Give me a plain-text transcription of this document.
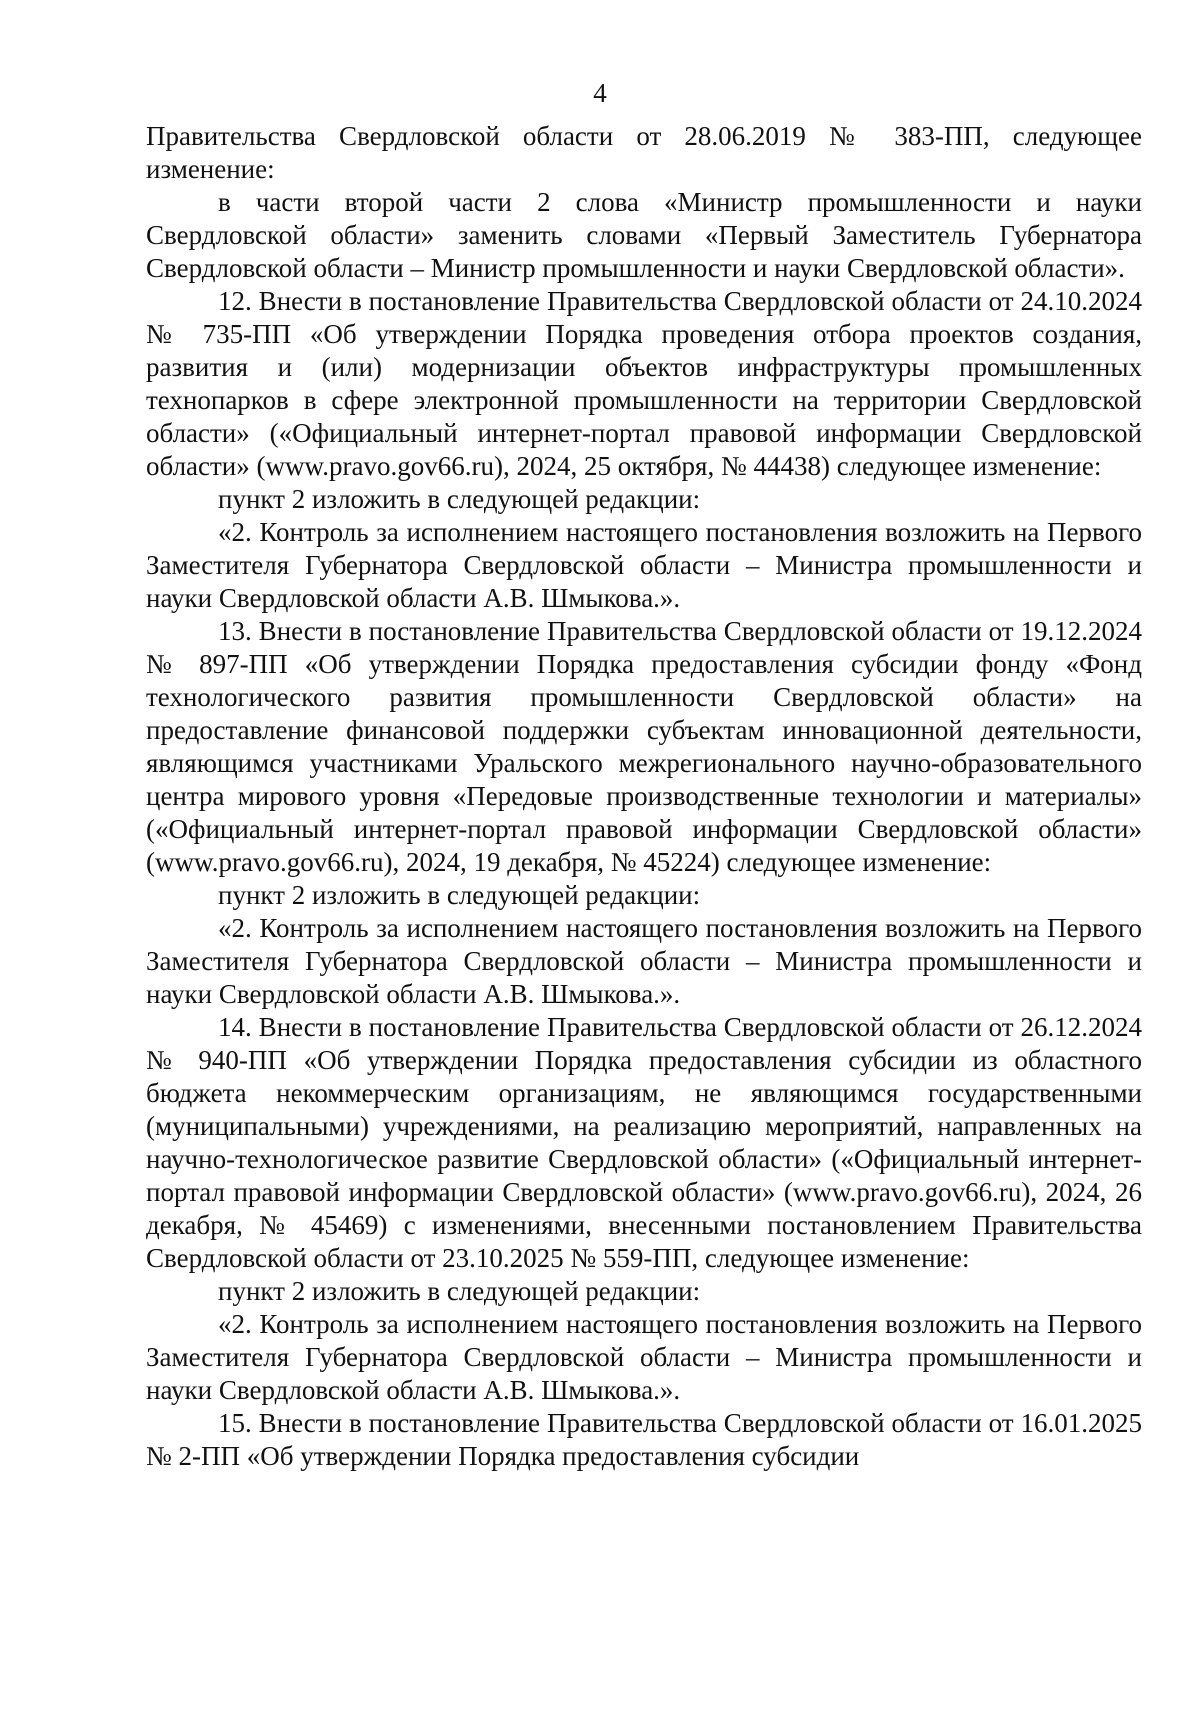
4

Правительства Свердловской области от 28.06.2019 № 383-ПП, следующее изменение:

в части второй части 2 слова «Министр промышленности и науки Свердловской области» заменить словами «Первый Заместитель Губернатора Свердловской области – Министр промышленности и науки Свердловской области».

12. Внести в постановление Правительства Свердловской области от 24.10.2024 № 735-ПП «Об утверждении Порядка проведения отбора проектов создания, развития и (или) модернизации объектов инфраструктуры промышленных технопарков в сфере электронной промышленности на территории Свердловской области» («Официальный интернет-портал правовой информации Свердловской области» (www.pravo.gov66.ru), 2024, 25 октября, № 44438) следующее изменение:

пункт 2 изложить в следующей редакции:

«2. Контроль за исполнением настоящего постановления возложить на Первого Заместителя Губернатора Свердловской области – Министра промышленности и науки Свердловской области А.В. Шмыкова.».

13. Внести в постановление Правительства Свердловской области от 19.12.2024 № 897-ПП «Об утверждении Порядка предоставления субсидии фонду «Фонд технологического развития промышленности Свердловской области» на предоставление финансовой поддержки субъектам инновационной деятельности, являющимся участниками Уральского межрегионального научно-образовательного центра мирового уровня «Передовые производственные технологии и материалы» («Официальный интернет-портал правовой информации Свердловской области» (www.pravo.gov66.ru), 2024, 19 декабря, № 45224) следующее изменение:

пункт 2 изложить в следующей редакции:

«2. Контроль за исполнением настоящего постановления возложить на Первого Заместителя Губернатора Свердловской области – Министра промышленности и науки Свердловской области А.В. Шмыкова.».

14. Внести в постановление Правительства Свердловской области от 26.12.2024 № 940-ПП «Об утверждении Порядка предоставления субсидии из областного бюджета некоммерческим организациям, не являющимся государственными (муниципальными) учреждениями, на реализацию мероприятий, направленных на научно-технологическое развитие Свердловской области» («Официальный интернет-портал правовой информации Свердловской области» (www.pravo.gov66.ru), 2024, 26 декабря, № 45469) с изменениями, внесенными постановлением Правительства Свердловской области от 23.10.2025 № 559-ПП, следующее изменение:

пункт 2 изложить в следующей редакции:

«2. Контроль за исполнением настоящего постановления возложить на Первого Заместителя Губернатора Свердловской области – Министра промышленности и науки Свердловской области А.В. Шмыкова.».

15. Внести в постановление Правительства Свердловской области от 16.01.2025 № 2-ПП «Об утверждении Порядка предоставления субсидии
